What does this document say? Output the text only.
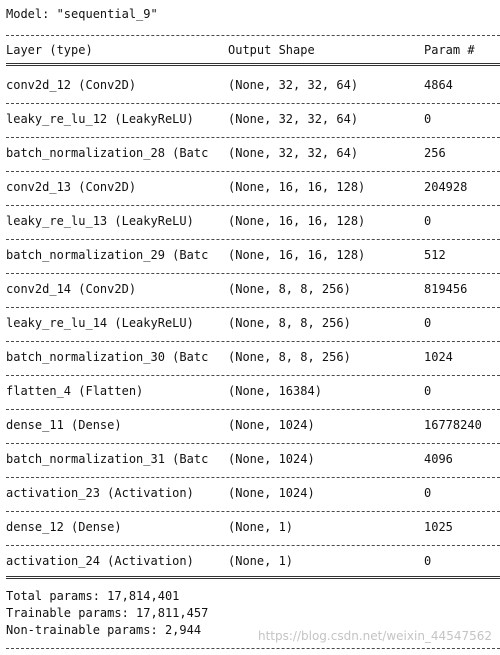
Model: "sequential_9"
Layer (type)	Output Shape	Param #
conv2d_12 (Conv2D)	(None, 32, 32, 64)	4864
leaky_re_lu_12 (LeakyReLU)	(None, 32, 32, 64)	0
batch_normalization_28 (Batc	(None, 32, 32, 64)	256
conv2d_13 (Conv2D)	(None, 16, 16, 128)	204928
leaky_re_lu_13 (LeakyReLU)	(None, 16, 16, 128)	0
batch_normalization_29 (Batc	(None, 16, 16, 128)	512
conv2d_14 (Conv2D)	(None, 8, 8, 256)	819456
leaky_re_lu_14 (LeakyReLU)	(None, 8, 8, 256)	0
batch_normalization_30 (Batc	(None, 8, 8, 256)	1024
flatten_4 (Flatten)	(None, 16384)	0
dense_11 (Dense)	(None, 1024)	16778240
batch_normalization_31 (Batc	(None, 1024)	4096
activation_23 (Activation)	(None, 1024)	0
dense_12 (Dense)	(None, 1)	1025
activation_24 (Activation)	(None, 1)	0
Total params: 17,814,401
Trainable params: 17,811,457
Non-trainable params: 2,944	https://blog.csdn.net/weixin_44547562
